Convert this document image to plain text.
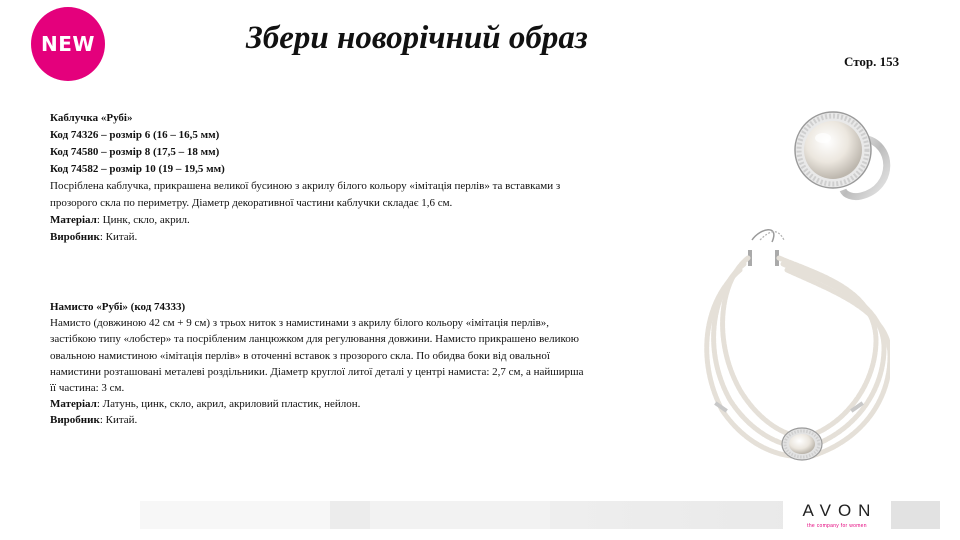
NEW	Збери новорічний образ
Стор. 153
Каблучка «Рубі»
Код 74326 – розмір 6 (16 – 16,5 мм)
Код 74580 – розмір 8 (17,5 – 18 мм)
Код 74582 – розмір 10 (19 – 19,5 мм)
Посріблена каблучка, прикрашена великої бусиною з акрилу білого кольору «імітація перлів» та вставками з
прозорого скла по периметру. Діаметр декоративної частини каблучки складає 1,6 см.
Матеріал: Цинк, скло, акрил.
Виробник: Китай.
Намисто «Рубі» (код 74333)
Намисто (довжиною 42 см + 9 см) з трьох ниток з намистинами з акрилу білого кольору «імітація перлів»,
застібкою типу «лобстер» та посрібленим ланцюжком для регулювання довжини. Намисто прикрашено великою
овальною намистиною «імітація перлів» в оточенні вставок з прозорого скла. По обидва боки від овальної
намистини розташовані металеві роздільники. Діаметр круглої литої деталі у центрі намиста: 2,7 см, а найширша
її частина: 3 см.
Матеріал: Латунь, цинк, скло, акрил, акриловий пластик, нейлон.
Виробник: Китай.
AVON
the company for women
